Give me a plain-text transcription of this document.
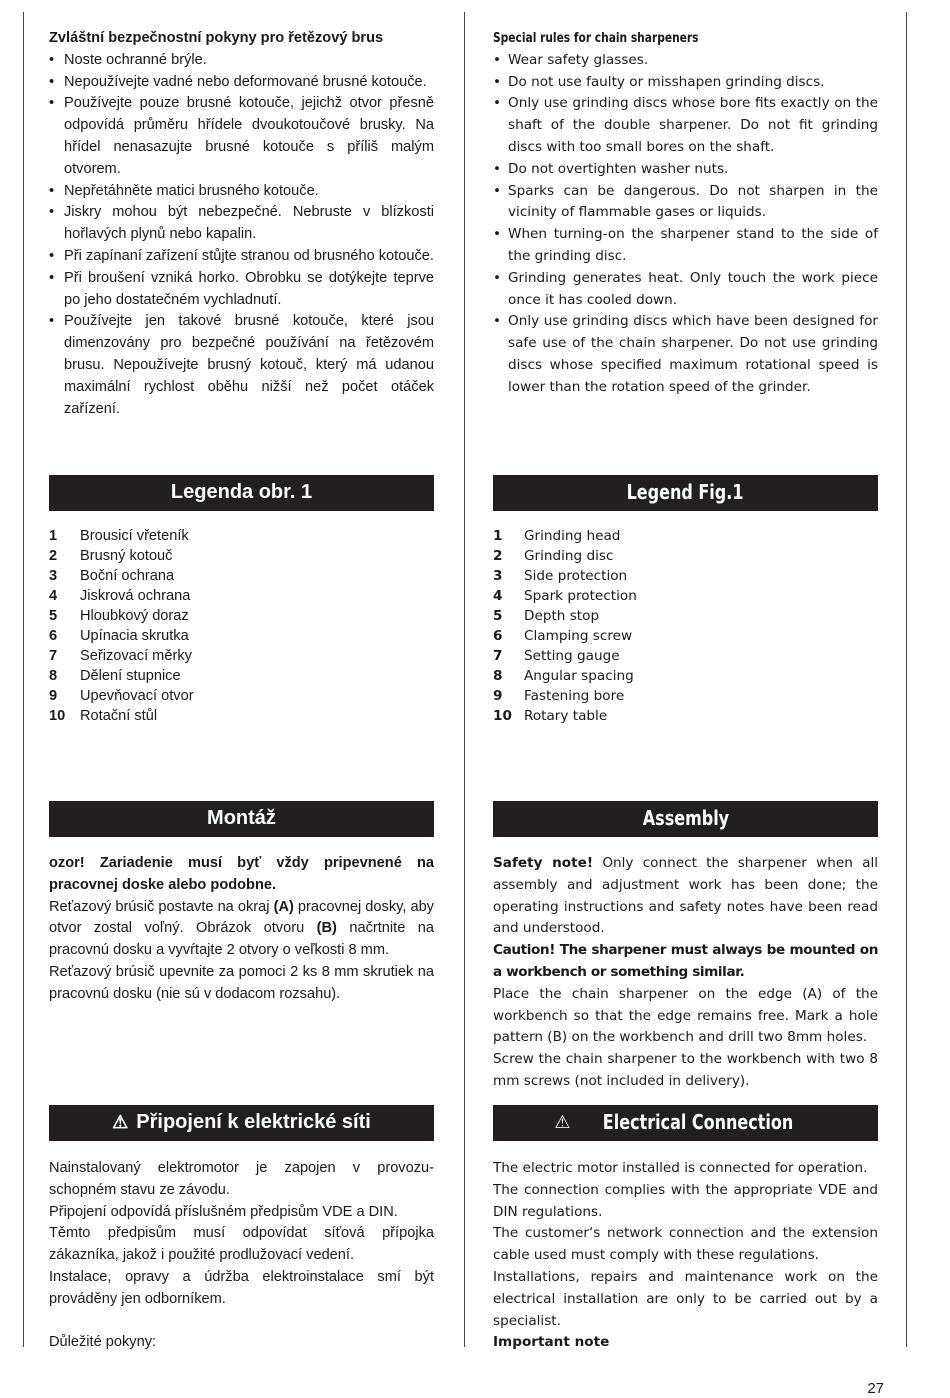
Zvláštní bezpečnostní pokyny pro řetězový brus
• Noste ochranné brýle.
• Nepoužívejte vadné nebo deformované brusné kotouče.
• Používejte pouze brusné kotouče, jejichž otvor přesně odpovídá průměru hřídele dvoukotoučové brusky. Na hřídel nenasazujte brusné kotouče s příliš malým otvorem.
• Nepřetáhněte matici brusného kotouče.
• Jiskry mohou být nebezpečné. Nebruste v blízkosti hořlavých plynů nebo kapalin.
• Při zapínaní zařízení stůjte stranou od brusného kotouče.
• Při broušení vzniká horko. Obrobku se dotýkejte teprve po jeho dostatečném vychladnutí.
• Používejte jen takové brusné kotouče, které jsou dimenzovány pro bezpečné používání na řetězovém brusu. Nepoužívejte brusný kotouč, který má udanou maximální rychlost oběhu nižší než počet otáček zařízení.
Legenda obr. 1
1	Brousicí vřeteník
2	Brusný kotouč
3	Boční ochrana
4	Jiskrová ochrana
5	Hloubkový doraz
6	Upínacia skrutka
7	Seřizovací měrky
8	Dělení stupnice
9	Upevňovací otvor
10	Rotační stůl
Montáž

ozor! Zariadenie musí byť vždy pripevnené na pracovnej doske alebo podobne.

Reťazový brúsič postavte na okraj (A) pracovnej dosky, aby otvor zostal voľný. Obrázok otvoru (B) načrtnite na pracovnú dosku a vyvŕtajte 2 otvory o veľkosti 8 mm.

Reťazový brúsič upevnite za pomoci 2 ks 8 mm skrutiek na pracovnú dosku (nie sú v dodacom rozsahu).

⚠ Připojení k elektrické síti

Nainstalovaný elektromotor je zapojen v provozu-schopném stavu ze závodu.

Připojení odpovídá příslušném předpisům VDE a DIN.

Těmto předpisům musí odpovídat síťová přípojka zákazníka, jakož i použité prodlužovací vedení.

Instalace, opravy a údržba elektroinstalace smí být prováděny jen odborníkem.

Důležité pokyny:
Special rules for chain sharpeners
• Wear safety glasses.
• Do not use faulty or misshapen grinding discs.
• Only use grinding discs whose bore fits exactly on the shaft of the double sharpener. Do not fit grinding discs with too small bores on the shaft.
• Do not overtighten washer nuts.
• Sparks can be dangerous. Do not sharpen in the vicinity of flammable gases or liquids.
• When turning-on the sharpener stand to the side of the grinding disc.
• Grinding generates heat. Only touch the work piece once it has cooled down.
• Only use grinding discs which have been designed for safe use of the chain sharpener. Do not use grinding discs whose specified maximum rotational speed is lower than the rotation speed of the grinder.
Legend Fig.1
1	Grinding head
2	Grinding disc
3	Side protection
4	Spark protection
5	Depth stop
6	Clamping screw
7	Setting gauge
8	Angular spacing
9	Fastening bore
10 Rotary table
Assembly

Safety note! Only connect the sharpener when all assembly and adjustment work has been done; the operating instructions and safety notes have been read and understood.

Caution! The sharpener must always be mounted on a workbench or something similar.

Place the chain sharpener on the edge (A) of the workbench so that the edge remains free. Mark a hole pattern (B) on the workbench and drill two 8mm holes.

Screw the chain sharpener to the workbench with two 8 mm screws (not included in delivery).

⚠ Electrical Connection

The electric motor installed is connected for operation.

The connection complies with the appropriate VDE and DIN regulations.

The customer‘s network connection and the extension cable used must comply with these regulations.

Installations, repairs and maintenance work on the electrical installation are only to be carried out by a specialist.

Important note
27
